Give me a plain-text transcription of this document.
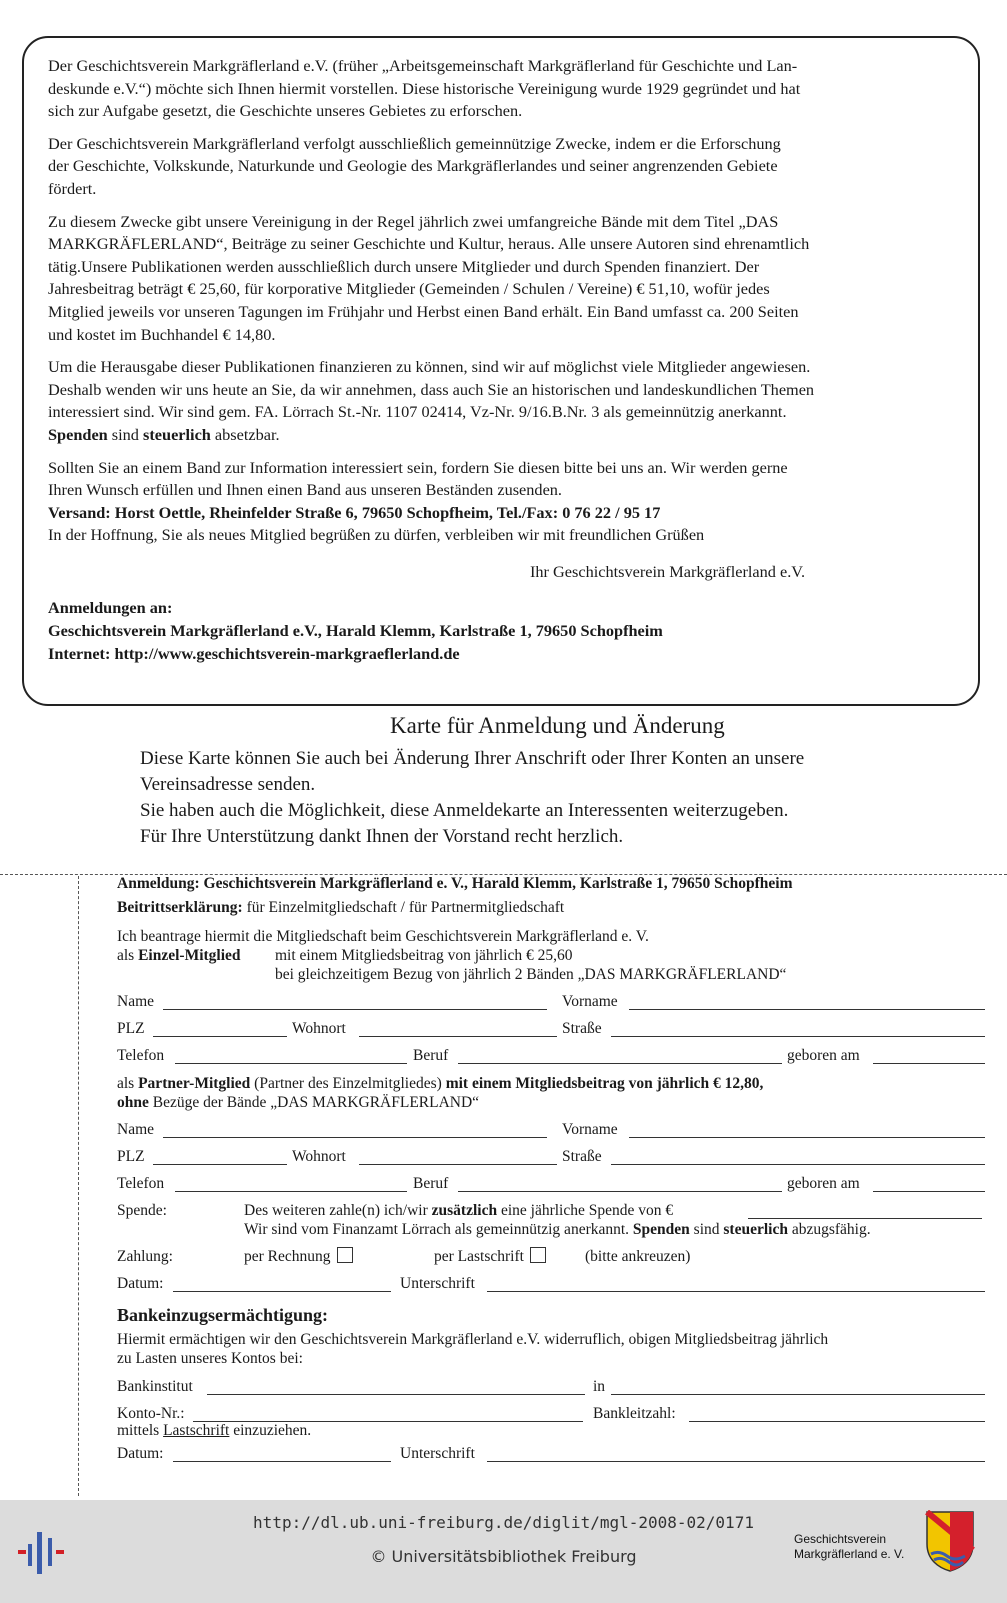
Der Geschichtsverein Markgräflerland e.V. (früher „Arbeitsgemeinschaft Markgräflerland für Geschichte und Lan-
deskunde e.V.“) möchte sich Ihnen hiermit vorstellen. Diese historische Vereinigung wurde 1929 gegründet und hat
sich zur Aufgabe gesetzt, die Geschichte unseres Gebietes zu erforschen.

Der Geschichtsverein Markgräflerland verfolgt ausschließlich gemeinnützige Zwecke, indem er die Erforschung
der Geschichte, Volkskunde, Naturkunde und Geologie des Markgräflerlandes und seiner angrenzenden Gebiete
fördert.

Zu diesem Zwecke gibt unsere Vereinigung in der Regel jährlich zwei umfangreiche Bände mit dem Titel „DAS
MARKGRÄFLERLAND“, Beiträge zu seiner Geschichte und Kultur, heraus. Alle unsere Autoren sind ehrenamtlich
tätig.Unsere Publikationen werden ausschließlich durch unsere Mitglieder und durch Spenden finanziert. Der
Jahresbeitrag beträgt € 25,60, für korporative Mitglieder (Gemeinden / Schulen / Vereine) € 51,10, wofür jedes
Mitglied jeweils vor unseren Tagungen im Frühjahr und Herbst einen Band erhält. Ein Band umfasst ca. 200 Seiten
und kostet im Buchhandel € 14,80.

Um die Herausgabe dieser Publikationen finanzieren zu können, sind wir auf möglichst viele Mitglieder angewiesen.
Deshalb wenden wir uns heute an Sie, da wir annehmen, dass auch Sie an historischen und landeskundlichen Themen
interessiert sind. Wir sind gem. FA. Lörrach St.-Nr. 1107 02414, Vz-Nr. 9/16.B.Nr. 3 als gemeinnützig anerkannt.
Spenden sind steuerlich absetzbar.

Sollten Sie an einem Band zur Information interessiert sein, fordern Sie diesen bitte bei uns an. Wir werden gerne
Ihren Wunsch erfüllen und Ihnen einen Band aus unseren Beständen zusenden.
Versand: Horst Oettle, Rheinfelder Straße 6, 79650 Schopfheim, Tel./Fax: 0 76 22 / 95 17
In der Hoffnung, Sie als neues Mitglied begrüßen zu dürfen, verbleiben wir mit freundlichen Grüßen

Ihr Geschichtsverein Markgräflerland e.V.
Anmeldungen an:
Geschichtsverein Markgräflerland e.V., Harald Klemm, Karlstraße 1, 79650 Schopfheim
Internet: http://www.geschichtsverein-markgraeflerland.de
Karte für Anmeldung und Änderung
Diese Karte können Sie auch bei Änderung Ihrer Anschrift oder Ihrer Konten an unsere
Vereinsadresse senden.
Sie haben auch die Möglichkeit, diese Anmeldekarte an Interessenten weiterzugeben.
Für Ihre Unterstützung dankt Ihnen der Vorstand recht herzlich.
Anmeldung: Geschichtsverein Markgräflerland e. V., Harald Klemm, Karlstraße 1, 79650 Schopfheim
Beitrittserklärung: für Einzelmitgliedschaft / für Partnermitgliedschaft
Ich beantrage hiermit die Mitgliedschaft beim Geschichtsverein Markgräflerland e. V.
als Einzel-Mitglied mit einem Mitgliedsbeitrag von jährlich € 25,60
bei gleichzeitigem Bezug von jährlich 2 Bänden „DAS MARKGRÄFLERLAND“
Name	Vorname
PLZ	Wohnort	Straße
Telefon	Beruf	geboren am
als Partner-Mitglied (Partner des Einzelmitgliedes) mit einem Mitgliedsbeitrag von jährlich € 12,80,
ohne Bezüge der Bände „DAS MARKGRÄFLERLAND“
Name	Vorname
PLZ	Wohnort	Straße
Telefon	Beruf	geboren am
Spende:	Des weiteren zahle(n) ich/wir zusätzlich eine jährliche Spende von €
Wir sind vom Finanzamt Lörrach als gemeinnützig anerkannt. Spenden sind steuerlich abzugsfähig.
Zahlung:	per Rechnung	per Lastschrift	(bitte ankreuzen)
Datum:	Unterschrift
Bankeinzugsermächtigung:
Hiermit ermächtigen wir den Geschichtsverein Markgräflerland e.V. widerruflich, obigen Mitgliedsbeitrag jährlich
zu Lasten unseres Kontos bei:
Bankinstitut	in
Konto-Nr.:	Bankleitzahl:
mittels Lastschrift einzuziehen.
Datum:	Unterschrift
http://dl.ub.uni-freiburg.de/diglit/mgl-2008-02/0171
© Universitätsbibliothek Freiburg
Geschichtsverein
Markgräflerland e. V.
